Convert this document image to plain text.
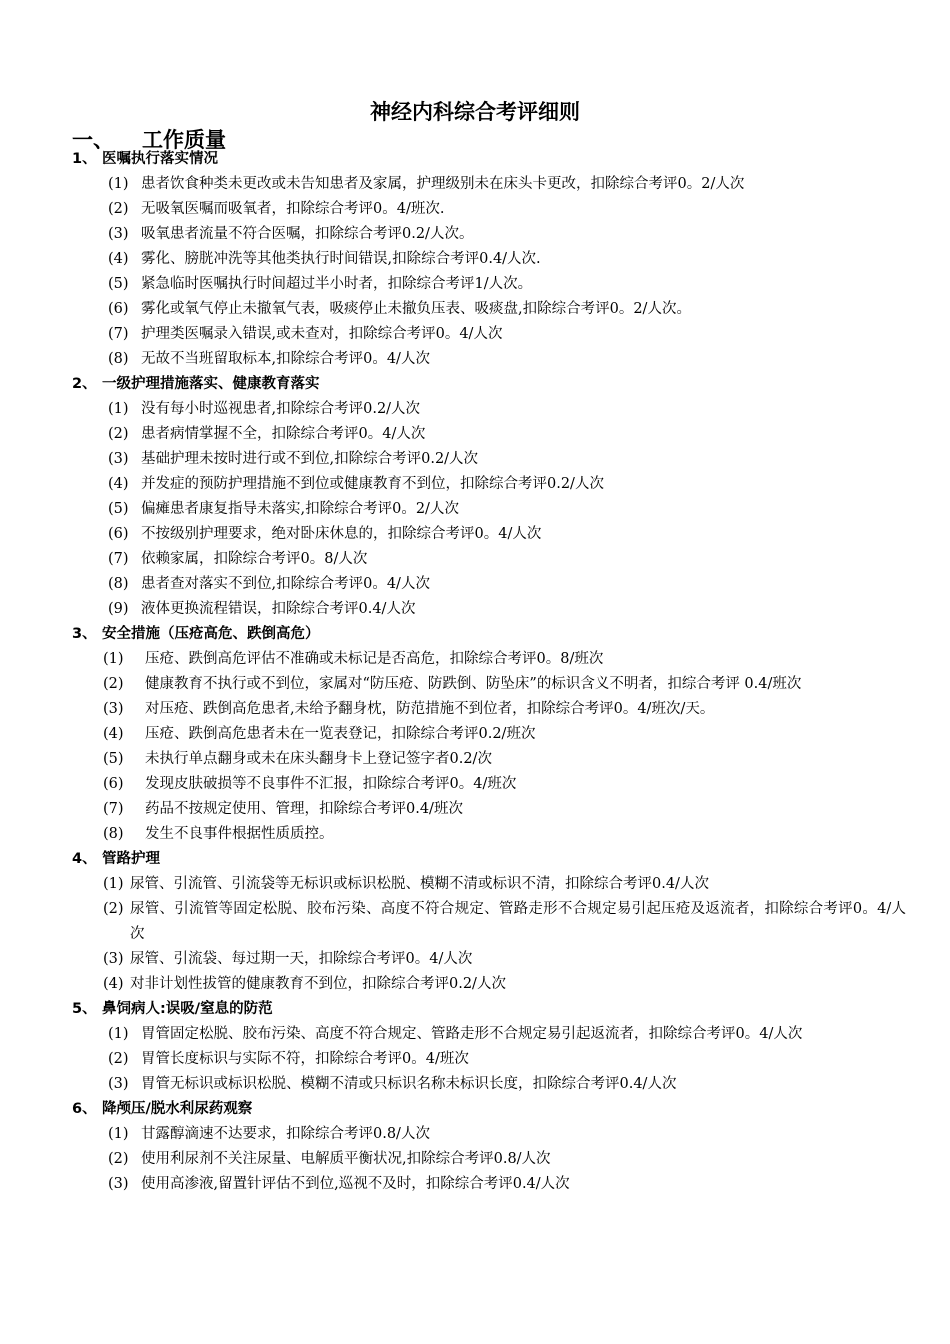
神经内科综合考评细则
一、 工作质量
1、 医嘱执行落实情况
(1) 患者饮食种类未更改或未告知患者及家属，护理级别未在床头卡更改，扣除综合考评0。2/人次
(2) 无吸氧医嘱而吸氧者，扣除综合考评0。4/班次.
(3) 吸氧患者流量不符合医嘱，扣除综合考评0.2/人次。
(4) 雾化、膀胱冲洗等其他类执行时间错误,扣除综合考评0.4/人次.
(5) 紧急临时医嘱执行时间超过半小时者，扣除综合考评1/人次。
(6) 雾化或氧气停止未撤氧气表，吸痰停止未撤负压表、吸痰盘,扣除综合考评0。2/人次。
(7) 护理类医嘱录入错误,或未查对，扣除综合考评0。4/人次
(8) 无故不当班留取标本,扣除综合考评0。4/人次
2、 一级护理措施落实、健康教育落实
(1) 没有每小时巡视患者,扣除综合考评0.2/人次
(2) 患者病情掌握不全，扣除综合考评0。4/人次
(3) 基础护理未按时进行或不到位,扣除综合考评0.2/人次
(4) 并发症的预防护理措施不到位或健康教育不到位，扣除综合考评0.2/人次
(5) 偏瘫患者康复指导未落实,扣除综合考评0。2/人次
(6) 不按级别护理要求，绝对卧床休息的，扣除综合考评0。4/人次
(7) 依赖家属，扣除综合考评0。8/人次
(8) 患者查对落实不到位,扣除综合考评0。4/人次
(9) 液体更换流程错误，扣除综合考评0.4/人次
3、 安全措施（压疮高危、跌倒高危）
(1)	压疮、跌倒高危评估不准确或未标记是否高危，扣除综合考评0。8/班次
(2)	健康教育不执行或不到位，家属对“防压疮、防跌倒、防坠床”的标识含义不明者，扣综合考评 0.4/班次
(3)	对压疮、跌倒高危患者,未给予翻身枕，防范措施不到位者，扣除综合考评0。4/班次/天。
(4)	压疮、跌倒高危患者未在一览表登记，扣除综合考评0.2/班次
(5)	未执行单点翻身或未在床头翻身卡上登记签字者0.2/次
(6)	发现皮肤破损等不良事件不汇报，扣除综合考评0。4/班次
(7)	药品不按规定使用、管理，扣除综合考评0.4/班次
(8)	发生不良事件根据性质质控。
4、 管路护理
(1) 尿管、引流管、引流袋等无标识或标识松脱、模糊不清或标识不清，扣除综合考评0.4/人次
(2) 尿管、引流管等固定松脱、胶布污染、高度不符合规定、管路走形不合规定易引起压疮及返流者，扣除综合考评0。4/人次
(3) 尿管、引流袋、每过期一天，扣除综合考评0。4/人次
(4) 对非计划性拔管的健康教育不到位，扣除综合考评0.2/人次
5、 鼻饲病人:误吸/窒息的防范
(1) 胃管固定松脱、胶布污染、高度不符合规定、管路走形不合规定易引起返流者，扣除综合考评0。4/人次
(2) 胃管长度标识与实际不符，扣除综合考评0。4/班次
(3) 胃管无标识或标识松脱、模糊不清或只标识名称未标识长度，扣除综合考评0.4/人次
6、 降颅压/脱水利尿药观察
(1) 甘露醇滴速不达要求，扣除综合考评0.8/人次
(2) 使用利尿剂不关注尿量、电解质平衡状况,扣除综合考评0.8/人次
(3) 使用高渗液,留置针评估不到位,巡视不及时，扣除综合考评0.4/人次
